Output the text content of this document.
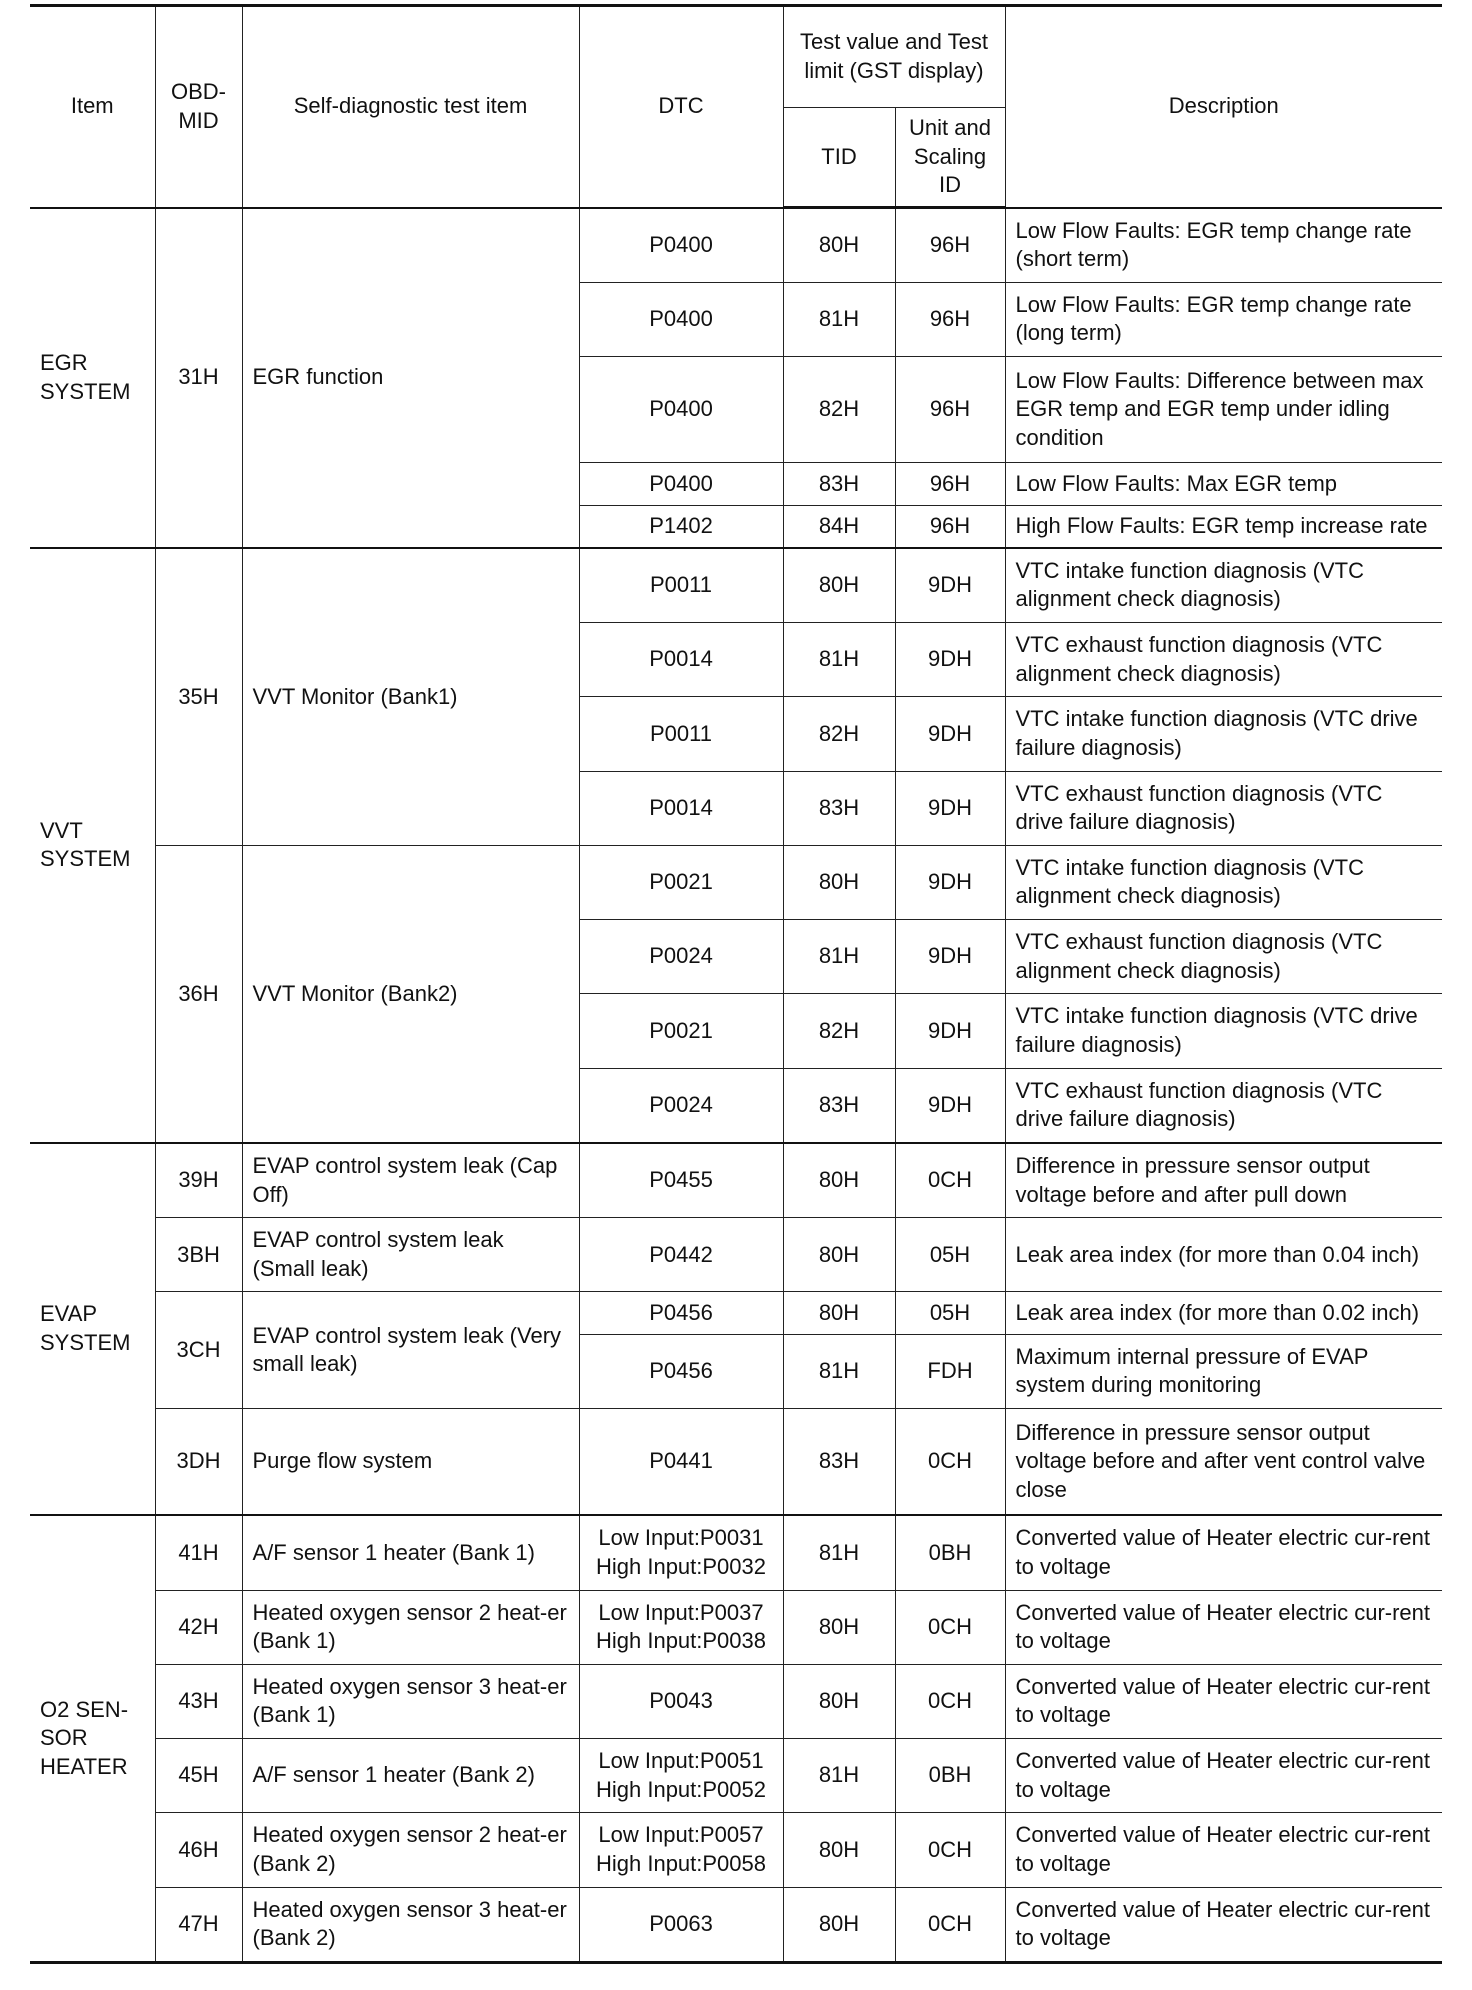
Item	OBD-MID	Self-diagnostic test item	DTC	Test value and Test limit (GST display)		Description
				TID	Unit and Scaling ID	
EGR SYSTEM	31H	EGR function	P0400	80H	96H	Low Flow Faults: EGR temp change rate (short term)
			P0400	81H	96H	Low Flow Faults: EGR temp change rate (long term)
			P0400	82H	96H	Low Flow Faults: Difference between max EGR temp and EGR temp under idling condition
			P0400	83H	96H	Low Flow Faults: Max EGR temp
			P1402	84H	96H	High Flow Faults: EGR temp increase rate
VVT SYSTEM	35H	VVT Monitor (Bank1)	P0011	80H	9DH	VTC intake function diagnosis (VTC alignment check diagnosis)
			P0014	81H	9DH	VTC exhaust function diagnosis (VTC alignment check diagnosis)
			P0011	82H	9DH	VTC intake function diagnosis (VTC drive failure diagnosis)
			P0014	83H	9DH	VTC exhaust function diagnosis (VTC drive failure diagnosis)
	36H	VVT Monitor (Bank2)	P0021	80H	9DH	VTC intake function diagnosis (VTC alignment check diagnosis)
			P0024	81H	9DH	VTC exhaust function diagnosis (VTC alignment check diagnosis)
			P0021	82H	9DH	VTC intake function diagnosis (VTC drive failure diagnosis)
			P0024	83H	9DH	VTC exhaust function diagnosis (VTC drive failure diagnosis)
EVAP SYSTEM	39H	EVAP control system leak (Cap Off)	P0455	80H	0CH	Difference in pressure sensor output voltage before and after pull down
	3BH	EVAP control system leak (Small leak)	P0442	80H	05H	Leak area index (for more than 0.04 inch)
	3CH	EVAP control system leak (Very small leak)	P0456	80H	05H	Leak area index (for more than 0.02 inch)
			P0456	81H	FDH	Maximum internal pressure of EVAP system during monitoring
	3DH	Purge flow system	P0441	83H	0CH	Difference in pressure sensor output voltage before and after vent control valve close
O2 SEN-SOR HEATER	41H	A/F sensor 1 heater (Bank 1)	Low Input:P0031 High Input:P0032	81H	0BH	Converted value of Heater electric cur-rent to voltage
	42H	Heated oxygen sensor 2 heat-er (Bank 1)	Low Input:P0037 High Input:P0038	80H	0CH	Converted value of Heater electric cur-rent to voltage
	43H	Heated oxygen sensor 3 heat-er (Bank 1)	P0043	80H	0CH	Converted value of Heater electric cur-rent to voltage
	45H	A/F sensor 1 heater (Bank 2)	Low Input:P0051 High Input:P0052	81H	0BH	Converted value of Heater electric cur-rent to voltage
	46H	Heated oxygen sensor 2 heat-er (Bank 2)	Low Input:P0057 High Input:P0058	80H	0CH	Converted value of Heater electric cur-rent to voltage
	47H	Heated oxygen sensor 3 heat-er (Bank 2)	P0063	80H	0CH	Converted value of Heater electric cur-rent to voltage
